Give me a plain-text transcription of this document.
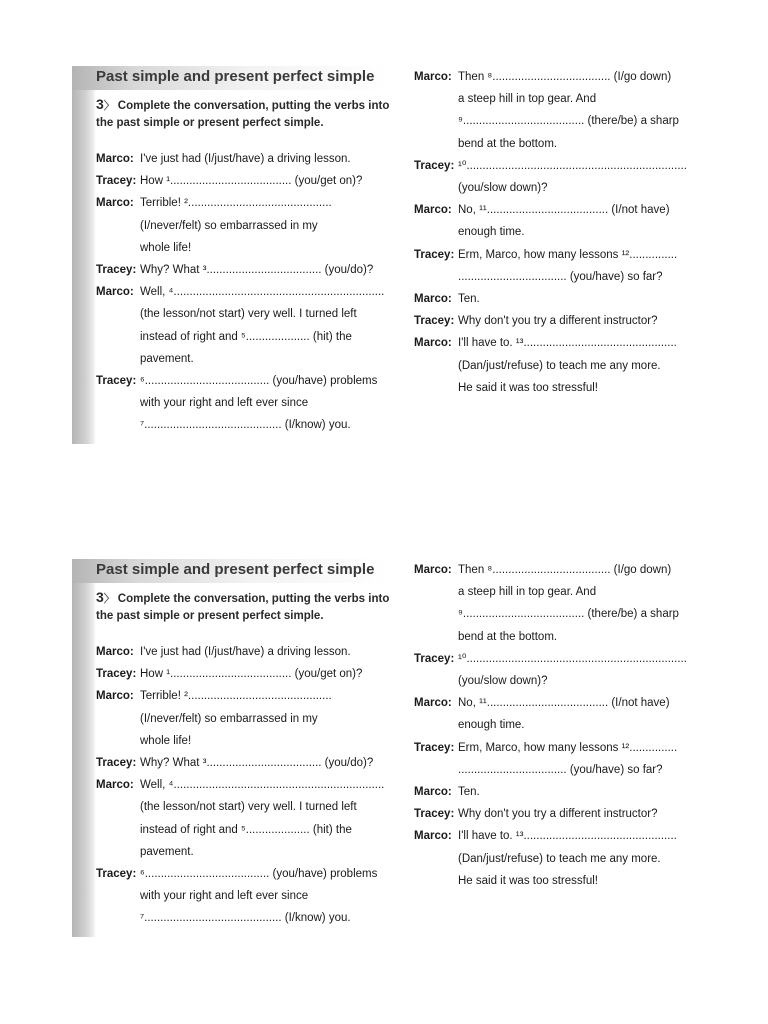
Past simple and present perfect simple
3〉 Complete the conversation, putting the verbs into the past simple or present perfect simple.
Marco: I've just had (I/just/have) a driving lesson.
Tracey: How ¹...................................... (you/get on)?
Marco: Terrible! ².............................................
(I/never/felt) so embarrassed in my
whole life!
Tracey: Why? What ³.................................... (you/do)?
Marco: Well, ⁴..................................................................
(the lesson/not start) very well. I turned left
instead of right and ⁵.................... (hit) the
pavement.
Tracey: ⁶....................................... (you/have) problems
with your right and left ever since
⁷........................................... (I/know) you.
Marco: Then ⁸..................................... (I/go down)
a steep hill in top gear. And
⁹...................................... (there/be) a sharp
bend at the bottom.
Tracey: ¹⁰.....................................................................
(you/slow down)?
Marco: No, ¹¹...................................... (I/not have)
enough time.
Tracey: Erm, Marco, how many lessons ¹²...............
.................................. (you/have) so far?
Marco: Ten.
Tracey: Why don't you try a different instructor?
Marco: I'll have to. ¹³................................................
(Dan/just/refuse) to teach me any more.
He said it was too stressful!
Past simple and present perfect simple
3〉 Complete the conversation, putting the verbs into the past simple or present perfect simple.
Marco: I've just had (I/just/have) a driving lesson.
Tracey: How ¹...................................... (you/get on)?
Marco: Terrible! ².............................................
(I/never/felt) so embarrassed in my
whole life!
Tracey: Why? What ³.................................... (you/do)?
Marco: Well, ⁴..................................................................
(the lesson/not start) very well. I turned left
instead of right and ⁵.................... (hit) the
pavement.
Tracey: ⁶....................................... (you/have) problems
with your right and left ever since
⁷........................................... (I/know) you.
Marco: Then ⁸..................................... (I/go down)
a steep hill in top gear. And
⁹...................................... (there/be) a sharp
bend at the bottom.
Tracey: ¹⁰.....................................................................
(you/slow down)?
Marco: No, ¹¹...................................... (I/not have)
enough time.
Tracey: Erm, Marco, how many lessons ¹²...............
.................................. (you/have) so far?
Marco: Ten.
Tracey: Why don't you try a different instructor?
Marco: I'll have to. ¹³................................................
(Dan/just/refuse) to teach me any more.
He said it was too stressful!
